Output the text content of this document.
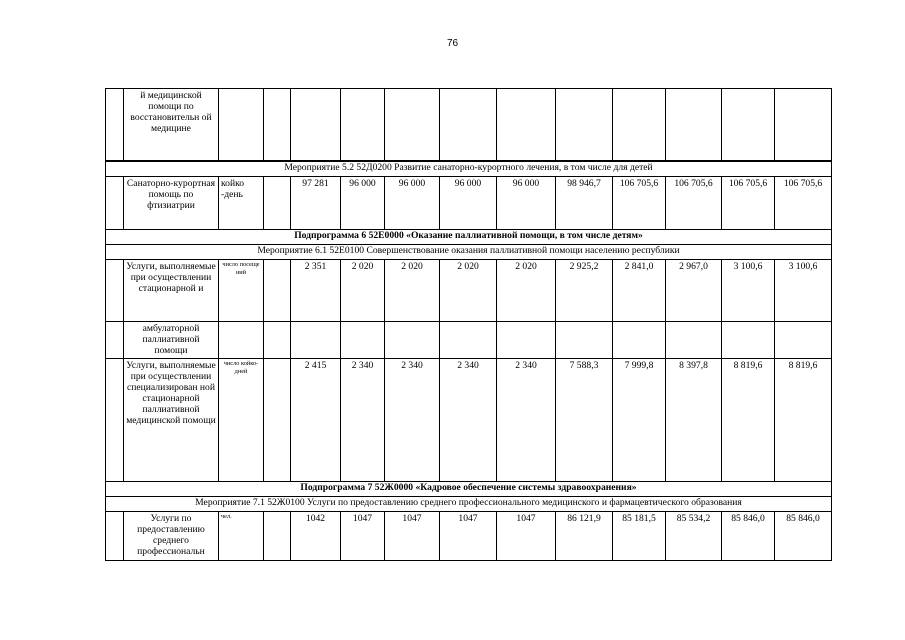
76
	й медицинской помощи по восстановительн ой медицине												

Мероприятие 5.2 52Д0200 Развитие санаторно-курортного лечения, в том числе для детей													
	Санаторно-курортная помощь по фтизиатрии	койко -день		97 281	96 000	96 000	96 000	96 000	98 946,7	106 705,6	106 705,6	106 705,6	106 705,6
Подпрограмма 6 52Е0000 «Оказание паллиативной помощи, в том числе детям»													
Мероприятие 6.1 52Е0100 Совершенствование оказания паллиативной помощи населению республики													
	Услуги, выполняемые при осуществлении стационарной и	число посеще ний		2 351	2 020	2 020	2 020	2 020	2 925,2	2 841,0	2 967,0	3 100,6	3 100,6
	амбулаторной паллиативной помощи												
	Услуги, выполняемые при осуществлении специализирован ной стационарной паллиативной медицинской помощи	число койко-дней		2 415	2 340	2 340	2 340	2 340	7 588,3	7 999,8	8 397,8	8 819,6	8 819,6
Подпрограмма 7 52Ж0000 «Кадровое обеспечение системы здравоохранения»													
Мероприятие 7.1 52Ж0100 Услуги по предоставлению среднего профессионального медицинского и фармацевтического образования													
	Услуги по предоставлению среднего профессиональн	чел.		1042	1047	1047	1047	1047	86 121,9	85 181,5	85 534,2	85 846,0	85 846,0
